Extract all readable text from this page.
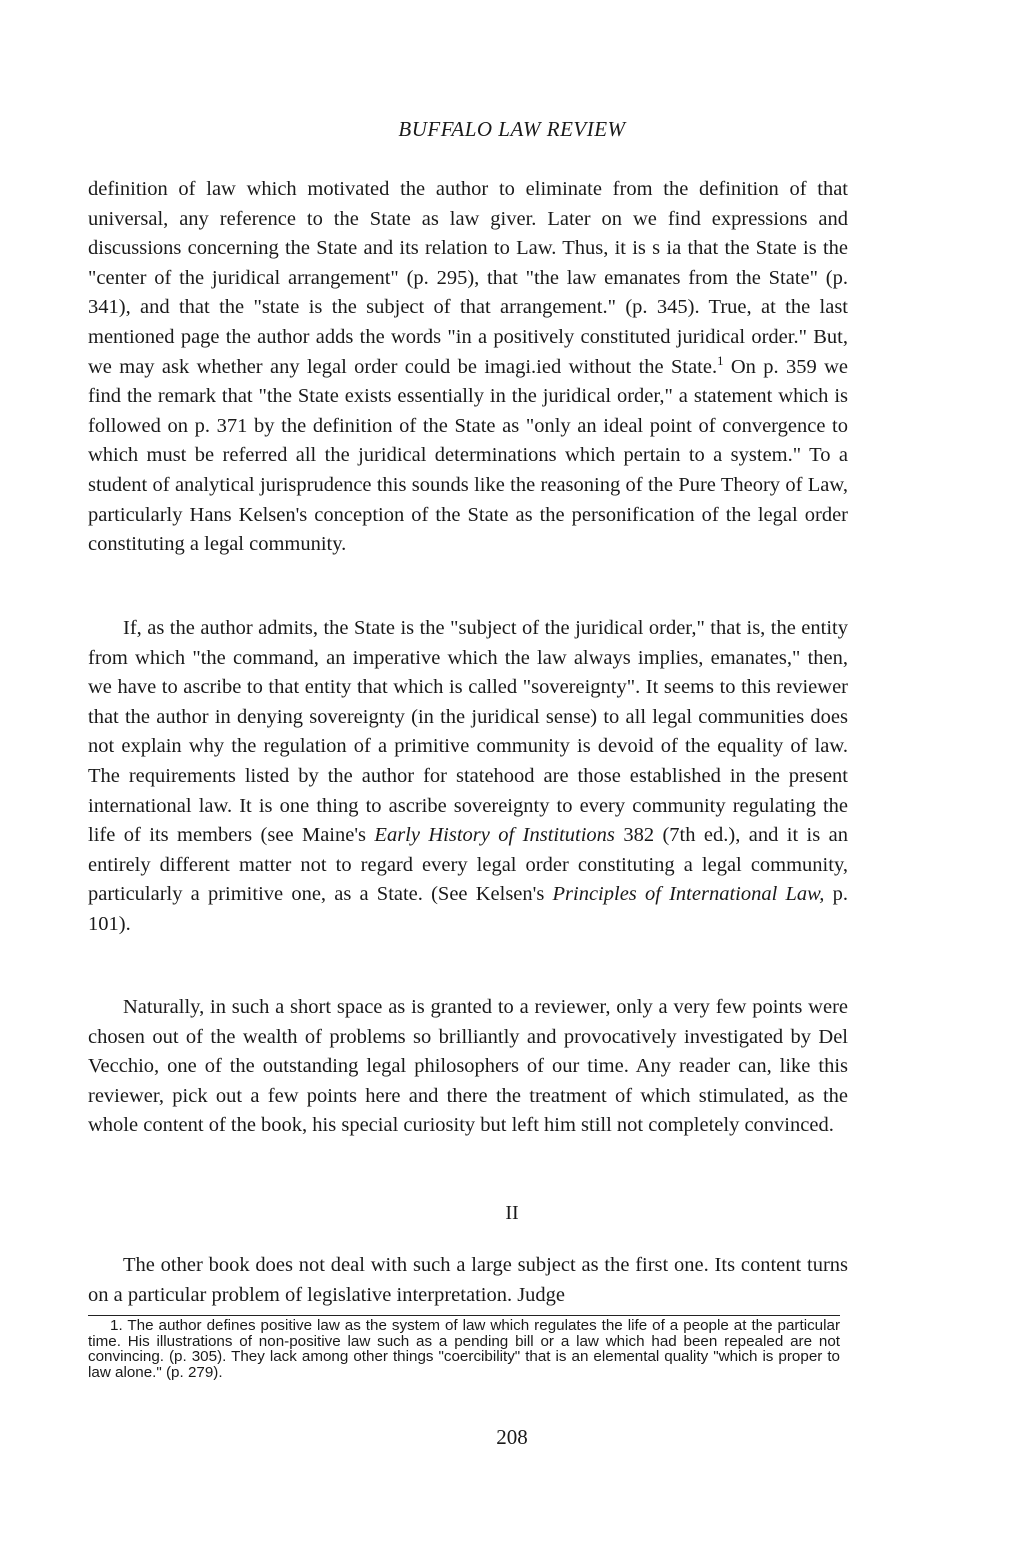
BUFFALO LAW REVIEW
definition of law which motivated the author to eliminate from the definition of that universal, any reference to the State as law giver. Later on we find expressions and discussions concerning the State and its relation to Law. Thus, it is s ia that the State is the "center of the juridical arrangement" (p. 295), that "the law emanates from the State" (p. 341), and that the "state is the subject of that arrangement." (p. 345). True, at the last mentioned page the author adds the words "in a positively constituted juridical order." But, we may ask whether any legal order could be imagi.ied without the State.$^1$ On p. 359 we find the remark that "the State exists essentially in the juridical order," a statement which is followed on p. 371 by the definition of the State as "only an ideal point of convergence to which must be referred all the juridical determinations which pertain to a system." To a student of analytical jurisprudence this sounds like the reasoning of the Pure Theory of Law, particularly Hans Kelsen's conception of the State as the personification of the legal order constituting a legal community.
If, as the author admits, the State is the "subject of the juridical order," that is, the entity from which "the command, an imperative which the law always implies, emanates," then, we have to ascribe to that entity that which is called "sovereignty". It seems to this reviewer that the author in denying sovereignty (in the juridical sense) to all legal communities does not explain why the regulation of a primitive community is devoid of the equality of law. The requirements listed by the author for statehood are those established in the present international law. It is one thing to ascribe sovereignty to every community regulating the life of its members (see Maine's Early History of Institutions 382 (7th ed.), and it is an entirely different matter not to regard every legal order constituting a legal community, particularly a primitive one, as a State. (See Kelsen's Principles of International Law, p. 101).
Naturally, in such a short space as is granted to a reviewer, only a very few points were chosen out of the wealth of problems so brilliantly and provocatively investigated by Del Vecchio, one of the outstanding legal philosophers of our time. Any reader can, like this reviewer, pick out a few points here and there the treatment of which stimulated, as the whole content of the book, his special curiosity but left him still not completely convinced.
II
The other book does not deal with such a large subject as the first one. Its content turns on a particular problem of legislative interpretation. Judge
1. The author defines positive law as the system of law which regulates the life of a people at the particular time. His illustrations of non-positive law such as a pending bill or a law which had been repealed are not convincing. (p. 305). They lack among other things "coercibility" that is an elemental quality "which is proper to law alone." (p. 279).
208
